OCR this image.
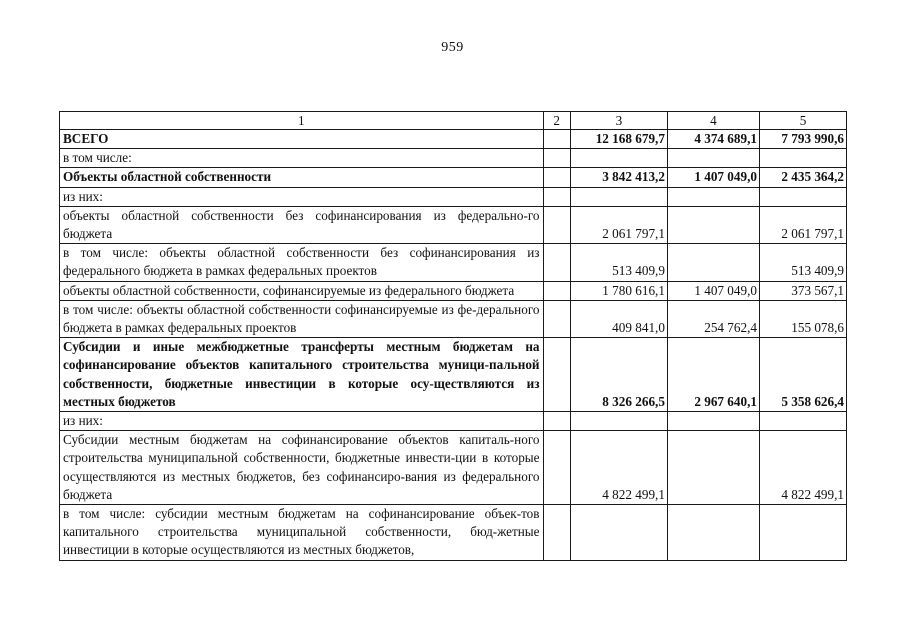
959
1	2	3	4	5
ВСЕГО		12 168 679,7	4 374 689,1	7 793 990,6
в том числе:				
Объекты областной собственности		3 842 413,2	1 407 049,0	2 435 364,2
из них:				
объекты областной собственности без софинансирования из федерально-го бюджета		2 061 797,1		2 061 797,1
в том числе: объекты областной собственности без софинансирования из федерального бюджета в рамках федеральных проектов		513 409,9		513 409,9
объекты областной собственности, софинансируемые из федерального бюджета		1 780 616,1	1 407 049,0	373 567,1
в том числе: объекты областной собственности софинансируемые из фе-дерального бюджета в рамках федеральных проектов		409 841,0	254 762,4	155 078,6
Субсидии и иные межбюджетные трансферты местным бюджетам на софинансирование объектов капитального строительства муници-пальной собственности, бюджетные инвестиции в которые осу-ществляются из местных бюджетов		8 326 266,5	2 967 640,1	5 358 626,4
из них:				
Субсидии местным бюджетам на софинансирование объектов капиталь-ного строительства муниципальной собственности, бюджетные инвести-ции в которые осуществляются из местных бюджетов, без софинансиро-вания из федерального бюджета		4 822 499,1		4 822 499,1
в том числе: субсидии местным бюджетам на софинансирование объек-тов капитального строительства муниципальной собственности, бюд-жетные инвестиции в которые осуществляются из местных бюджетов,				
